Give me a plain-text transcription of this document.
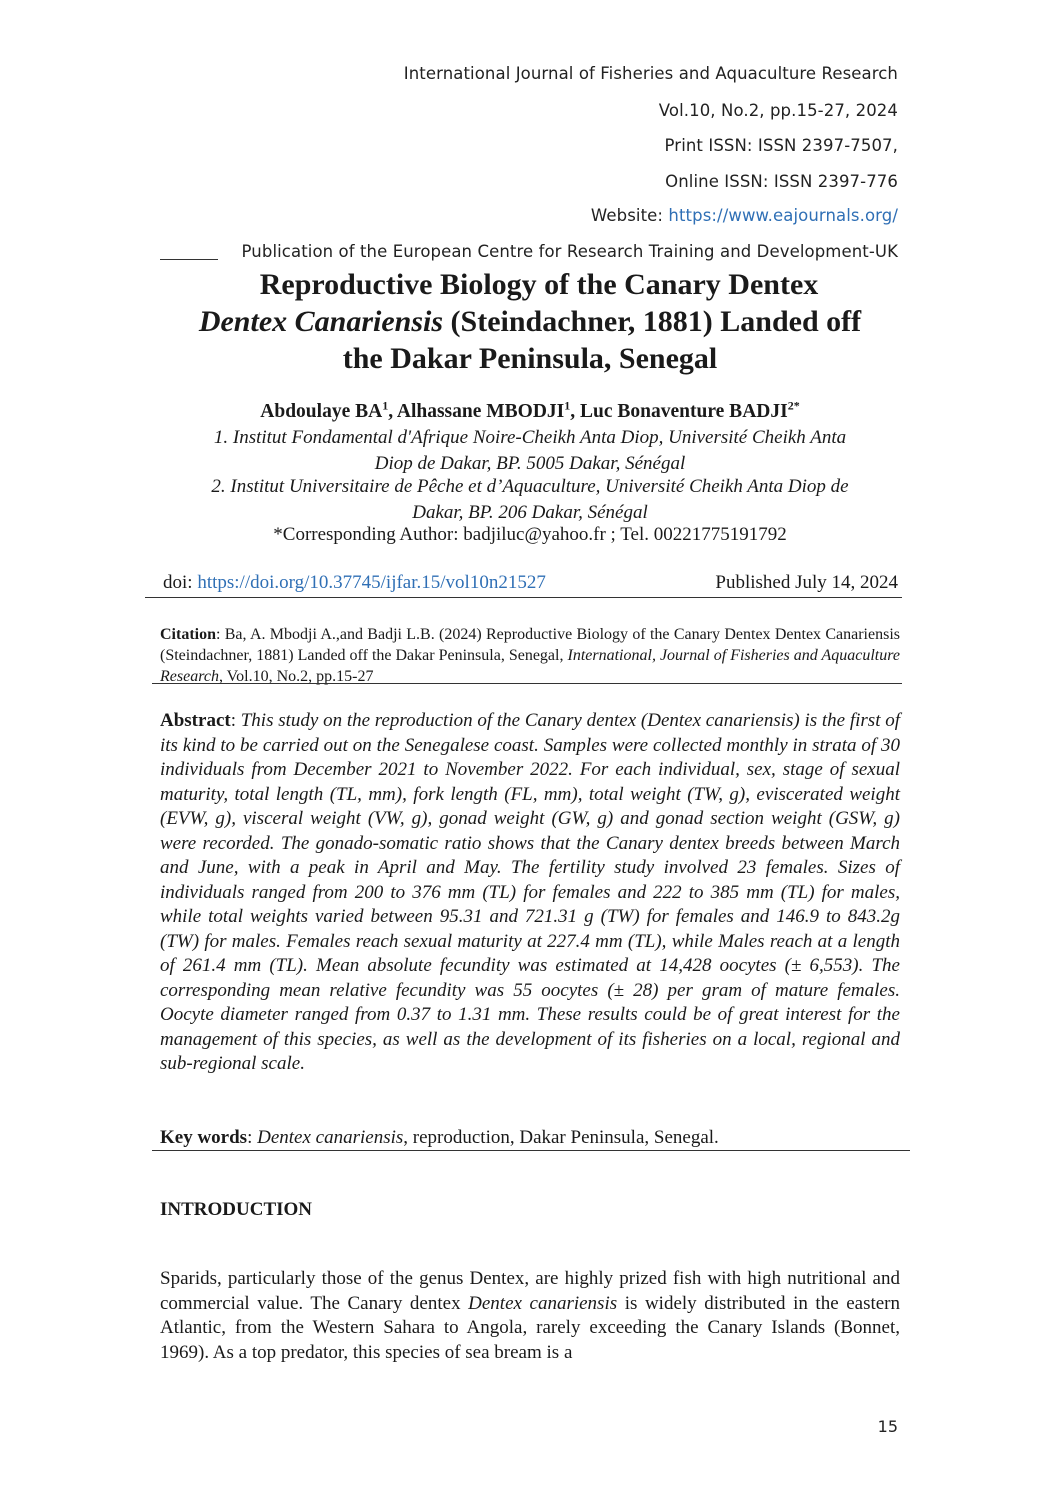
International Journal of Fisheries and Aquaculture Research
Vol.10, No.2, pp.15-27, 2024
Print ISSN: ISSN 2397-7507,
Online ISSN: ISSN 2397-776
Website: https://www.eajournals.org/
Publication of the European Centre for Research Training and Development-UK
Reproductive Biology of the Canary Dentex
Dentex Canariensis (Steindachner, 1881) Landed off
the Dakar Peninsula, Senegal
Abdoulaye $BA^1$, Alhassane MBODJI$^1$, Luc Bonaventure $BADJI^{2*}$
1. Institut Fondamental d'Afrique Noire-Cheikh Anta Diop, Université Cheikh Anta
Diop de Dakar, BP. 5005 Dakar, Sénégal
2. Institut Universitaire de Pêche et d’Aquaculture, Université Cheikh Anta Diop de
Dakar, BP. 206 Dakar, Sénégal
*Corresponding Author: badjiluc@yahoo.fr ; Tel. 00221775191792
doi: https://doi.org/10.37745/ijfar.15/vol10n21527	Published July 14, 2024
Citation: Ba, A. Mbodji A.,and Badji L.B. (2024) Reproductive Biology of the Canary Dentex Dentex Canariensis (Steindachner, 1881) Landed off the Dakar Peninsula, Senegal, International, Journal of Fisheries and Aquaculture Research, Vol.10, No.2, pp.15-27
Abstract: This study on the reproduction of the Canary dentex (Dentex canariensis) is the first of its kind to be carried out on the Senegalese coast. Samples were collected monthly in strata of 30 individuals from December 2021 to November 2022. For each individual, sex, stage of sexual maturity, total length (TL, mm), fork length (FL, mm), total weight (TW, g), eviscerated weight (EVW, g), visceral weight (VW, g), gonad weight (GW, g) and gonad section weight (GSW, g) were recorded. The gonado-somatic ratio shows that the Canary dentex breeds between March and June, with a peak in April and May. The fertility study involved 23 females. Sizes of individuals ranged from 200 to 376 mm (TL) for females and 222 to 385 mm (TL) for males, while total weights varied between 95.31 and 721.31 g (TW) for females and 146.9 to 843.2g (TW) for males. Females reach sexual maturity at 227.4 mm (TL), while Males reach at a length of 261.4 mm (TL). Mean absolute fecundity was estimated at 14,428 oocytes (± 6,553). The corresponding mean relative fecundity was 55 oocytes (± 28) per gram of mature females. Oocyte diameter ranged from 0.37 to 1.31 mm. These results could be of great interest for the management of this species, as well as the development of its fisheries on a local, regional and sub-regional scale.
Key words: Dentex canariensis, reproduction, Dakar Peninsula, Senegal.
INTRODUCTION
Sparids, particularly those of the genus Dentex, are highly prized fish with high nutritional and commercial value. The Canary dentex Dentex canariensis is widely distributed in the eastern Atlantic, from the Western Sahara to Angola, rarely exceeding the Canary Islands (Bonnet, 1969). As a top predator, this species of sea bream is a
15
